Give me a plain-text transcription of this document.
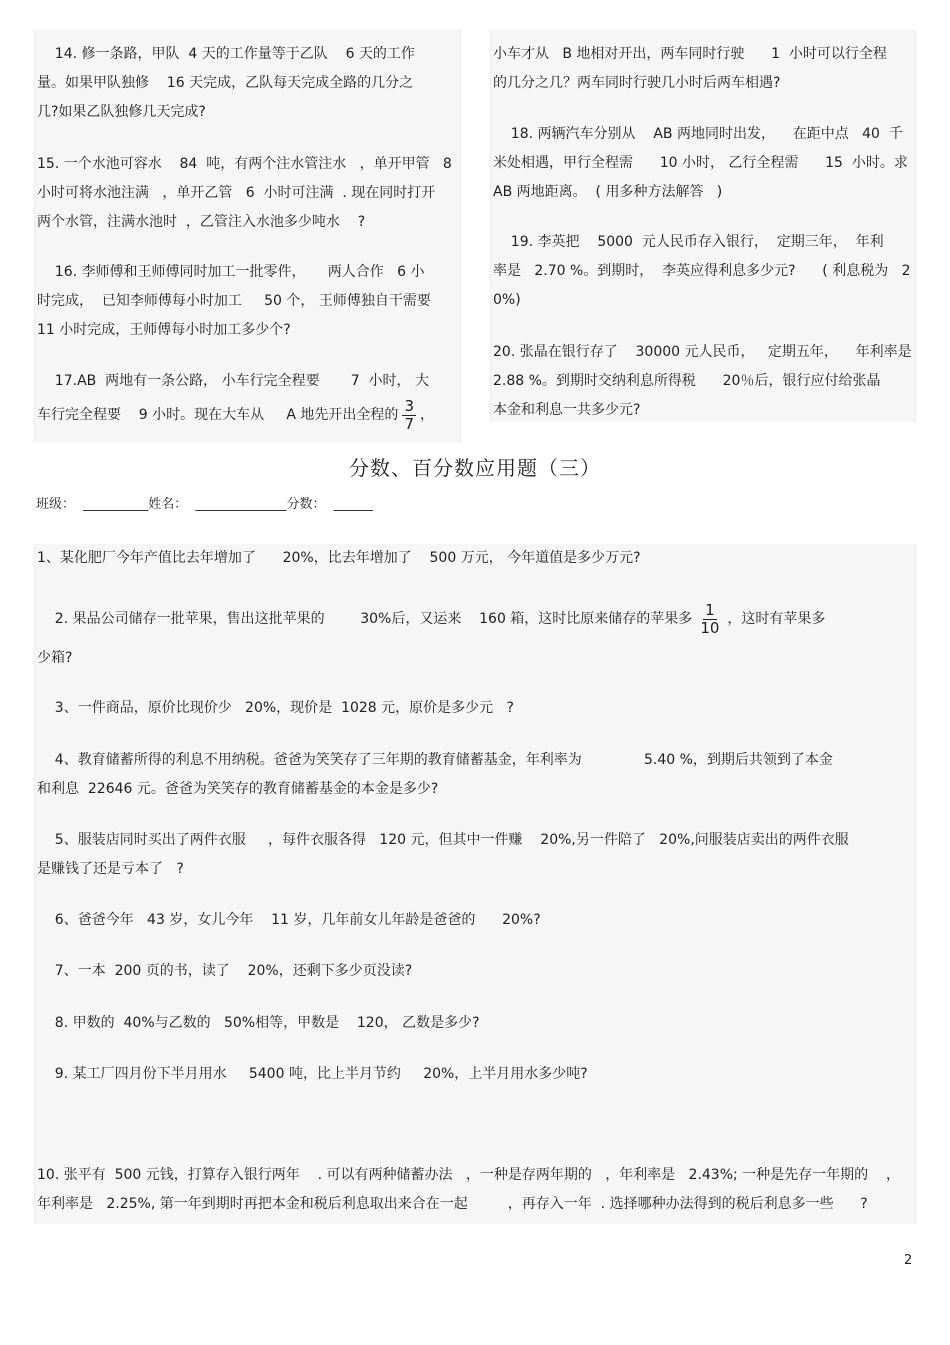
14. 修一条路，甲队  4 天的工作量等于乙队    6 天的工作
量。如果甲队独修    16 天完成，乙队每天完成全路的几分之
几?如果乙队独修几天完成?
15. 一个水池可容水    84  吨，有两个注水管注水   ，单开甲管   8
小时可将水池注满   ，单开乙管   6  小时可注满  . 现在同时打开
两个水管，注满水池时  ，乙管注入水池多少吨水    ?
16. 李师傅和王师傅同时加工一批零件，     两人合作   6 小
时完成，  已知李师傅每小时加工     50 个， 王师傅独自干需要
11 小时完成，王师傅每小时加工多少个?
17.AB  两地有一条公路， 小车行完全程要       7  小时， 大
车行完全程要    9 小时。现在大车从     A 地先开出全程的 $\frac{3}{7}$ ，
小车才从   B 地相对开出，两车同时行驶      1  小时可以行全程
的几分之几？两车同时行驶几小时后两车相遇?
18. 两辆汽车分别从    AB 两地同时出发，    在距中点   40  千
米处相遇，甲行全程需      10 小时， 乙行全程需      15  小时。求
AB 两地距离。  ( 用多种方法解答   )
19. 李英把    5000  元人民币存入银行，  定期三年，  年利
率是   2.70 %。到期时，  李英应得利息多少元?      ( 利息税为   2
0%)
20. 张晶在银行存了    30000 元人民币，   定期五年，    年利率是
2.88 %。到期时交纳利息所得税      20％后，银行应付给张晶
本金和利息一共多少元?
分数、百分数应用题（三）
班级：  __________姓名：  ______________分数：  ______
1、某化肥厂今年产值比去年增加了      20%，比去年增加了    500 万元， 今年道值是多少万元?
2. 果品公司储存一批苹果，售出这批苹果的        30%后，又运来    160 箱，这时比原来储存的苹果多 $\frac{1}{10}$ ，这时有苹果多
少箱?
3、一件商品，原价比现价少   20%，现价是  1028 元，原价是多少元   ?
4、教育储蓄所得的利息不用纳税。爸爸为笑笑存了三年期的教育储蓄基金，年利率为              5.40 %，到期后共领到了本金
和利息  22646 元。爸爸为笑笑存的教育储蓄基金的本金是多少?
5、服装店同时买出了两件衣服     ，每件衣服各得   120 元，但其中一件赚    20%,另一件陪了   20%,问服装店卖出的两件衣服
是赚钱了还是亏本了   ?
6、爸爸今年   43 岁，女儿今年    11 岁，几年前女儿年龄是爸爸的      20%?
7、一本  200 页的书，读了    20%，还剩下多少页没读?
8. 甲数的  40%与乙数的   50%相等，甲数是    120， 乙数是多少?
9. 某工厂四月份下半月用水     5400 吨，比上半月节约     20%，上半月用水多少吨?
10. 张平有  500 元钱，打算存入银行两年    . 可以有两种储蓄办法   ，一种是存两年期的   ，年利率是   2.43%; 一种是先存一年期的    ，
年利率是   2.25%, 第一年到期时再把本金和税后利息取出来合在一起         ，再存入一年  . 选择哪种办法得到的税后利息多一些      ?
2
